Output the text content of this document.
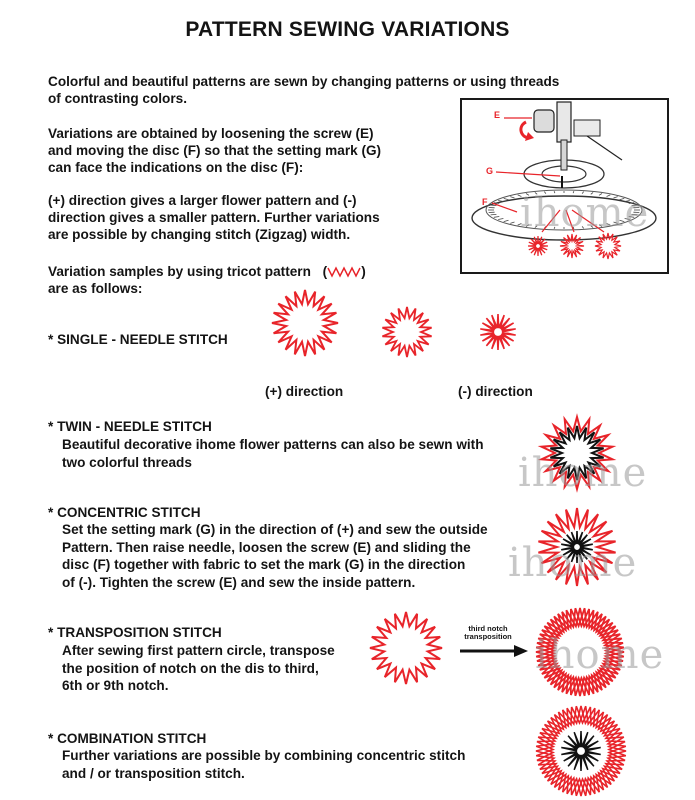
PATTERN SEWING VARIATIONS
Colorful and beautiful patterns are sewn by changing patterns or using threads
of contrasting colors.
Variations are obtained by loosening the screw (E)
and moving the disc (F) so that the setting mark (G)
can face the indications on the disc (F):
(+) direction gives a larger flower pattern and (-)
direction gives a smaller pattern. Further variations
are possible by changing stitch (Zigzag) width.
Variation samples by using tricot pattern (	)
are as follows:
E
G
F
* SINGLE - NEEDLE STITCH
(+) direction	(-) direction
* TWIN - NEEDLE STITCH
Beautiful decorative ihome flower patterns can also be sewn with
two colorful threads
* CONCENTRIC STITCH
Set the setting mark (G) in the direction of (+) and sew the outside
Pattern. Then raise needle, loosen the screw (E) and sliding the
disc (F) together with fabric to set the mark (G) in the direction
of (-). Tighten the screw (E) and sew the inside pattern.
* TRANSPOSITION STITCH
After sewing first pattern circle, transpose
the position of notch on the dis to third,
6th or 9th notch.
third notch
transposition
* COMBINATION STITCH
Further variations are possible by combining concentric stitch
and / or transposition stitch.
ihome
ihome
ihome
ihome
